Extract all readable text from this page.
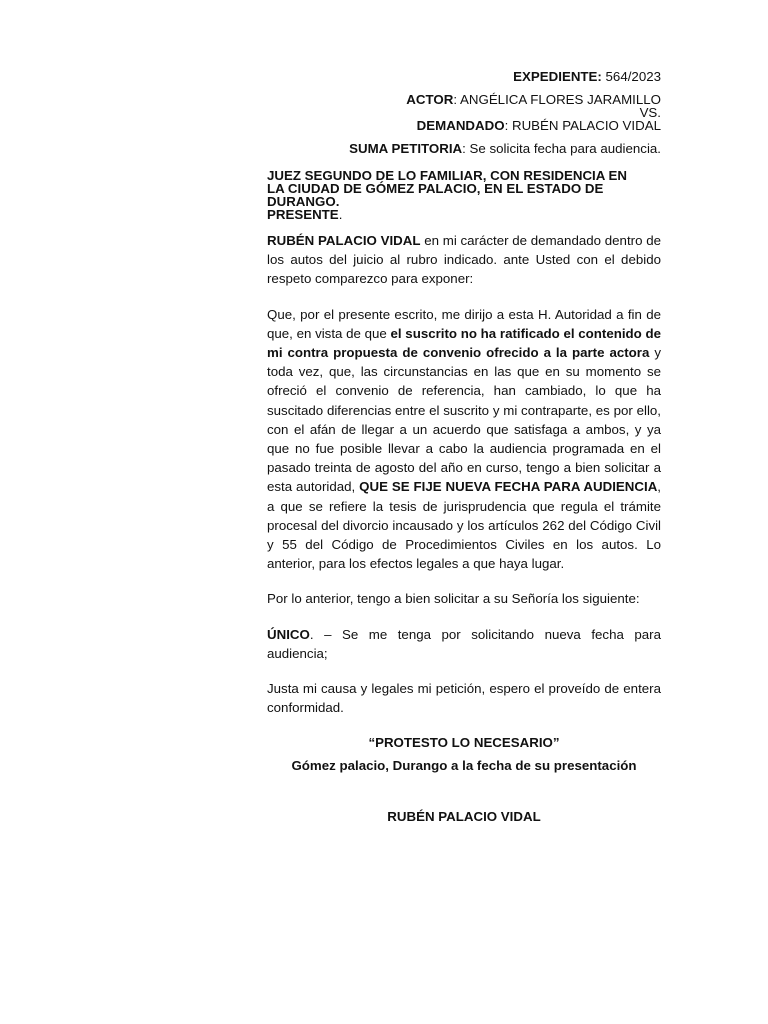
EXPEDIENTE: 564/2023
ACTOR: ANGÉLICA FLORES JARAMILLO
VS.
DEMANDADO: RUBÉN PALACIO VIDAL
SUMA PETITORIA: Se solicita fecha para audiencia.
JUEZ SEGUNDO DE LO FAMILIAR, CON RESIDENCIA EN
LA CIUDAD DE GÓMEZ PALACIO, EN EL ESTADO DE
DURANGO.
PRESENTE.

RUBÉN PALACIO VIDAL en mi carácter de demandado dentro de los autos del juicio al rubro indicado. ante Usted con el debido respeto comparezco para exponer:

Que, por el presente escrito, me dirijo a esta H. Autoridad a fin de que, en vista de que el suscrito no ha ratificado el contenido de mi contra propuesta de convenio ofrecido a la parte actora y toda vez, que, las circunstancias en las que en su momento se ofreció el convenio de referencia, han cambiado, lo que ha suscitado diferencias entre el suscrito y mi contraparte, es por ello, con el afán de llegar a un acuerdo que satisfaga a ambos, y ya que no fue posible llevar a cabo la audiencia programada en el pasado treinta de agosto del año en curso, tengo a bien solicitar a esta autoridad, QUE SE FIJE NUEVA FECHA PARA AUDIENCIA, a que se refiere la tesis de jurisprudencia que regula el trámite procesal del divorcio incausado y los artículos 262 del Código Civil y 55 del Código de Procedimientos Civiles en los autos. Lo anterior, para los efectos legales a que haya lugar.

Por lo anterior, tengo a bien solicitar a su Señoría los siguiente:

ÚNICO. – Se me tenga por solicitando nueva fecha para audiencia;

Justa mi causa y legales mi petición, espero el proveído de entera conformidad.

“PROTESTO LO NECESARIO”
Gómez palacio, Durango a la fecha de su presentación
RUBÉN PALACIO VIDAL
